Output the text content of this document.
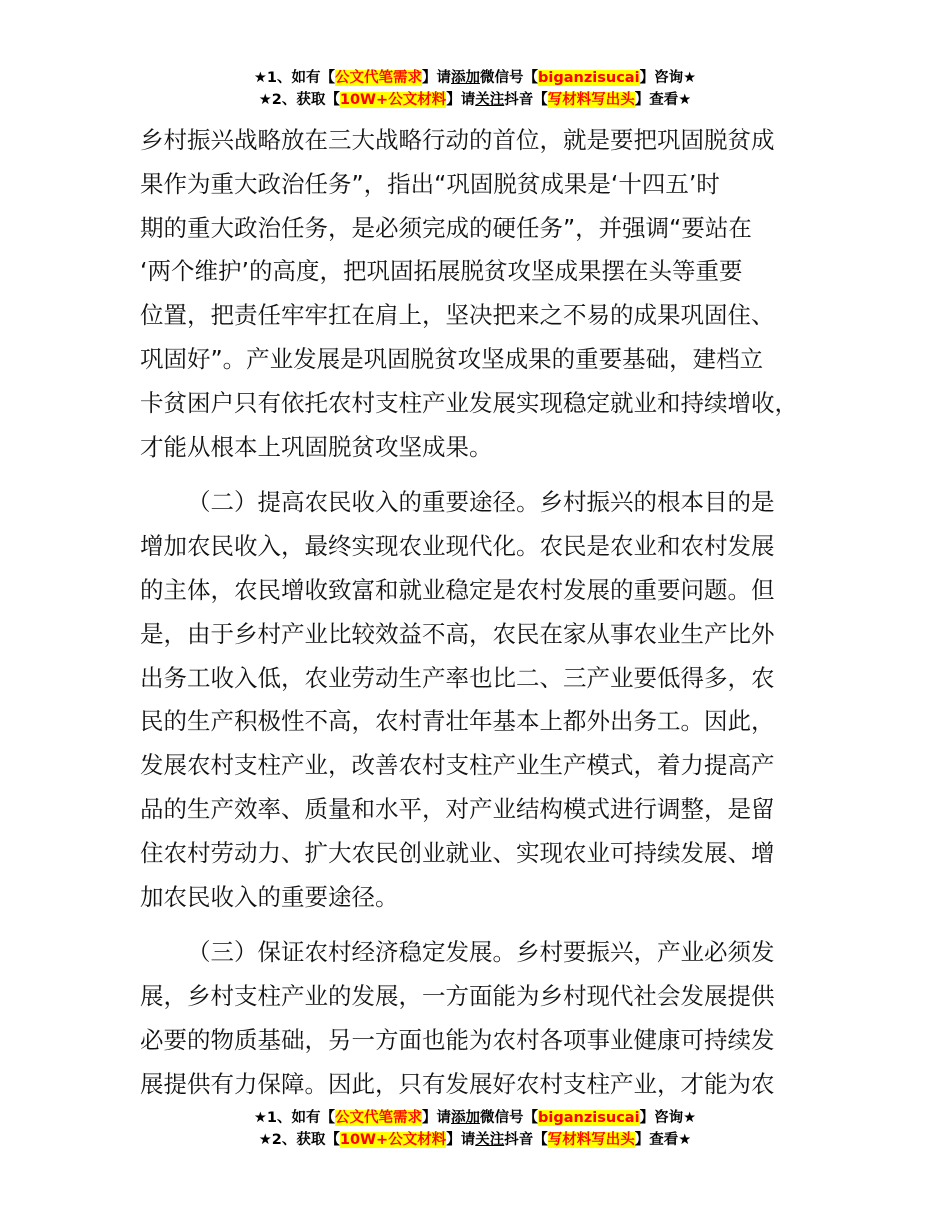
★1、如有【公文代笔需求】请添加微信号【biganzisucai】咨询★
★2、获取【10W+公文材料】请关注抖音【写材料写出头】查看★
乡村振兴战略放在三大战略行动的首位，就是要把巩固脱贫成
果作为重大政治任务”，指出“巩固脱贫成果是‘十四五’时
期的重大政治任务，是必须完成的硬任务”，并强调“要站在
‘两个维护’的高度，把巩固拓展脱贫攻坚成果摆在头等重要
位置，把责任牢牢扛在肩上，坚决把来之不易的成果巩固住、
巩固好”。产业发展是巩固脱贫攻坚成果的重要基础，建档立
卡贫困户只有依托农村支柱产业发展实现稳定就业和持续增收，
才能从根本上巩固脱贫攻坚成果。
（二）提高农民收入的重要途径。乡村振兴的根本目的是
增加农民收入，最终实现农业现代化。农民是农业和农村发展
的主体，农民增收致富和就业稳定是农村发展的重要问题。但
是，由于乡村产业比较效益不高，农民在家从事农业生产比外
出务工收入低，农业劳动生产率也比二、三产业要低得多，农
民的生产积极性不高，农村青壮年基本上都外出务工。因此，
发展农村支柱产业，改善农村支柱产业生产模式，着力提高产
品的生产效率、质量和水平，对产业结构模式进行调整，是留
住农村劳动力、扩大农民创业就业、实现农业可持续发展、增
加农民收入的重要途径。
（三）保证农村经济稳定发展。乡村要振兴，产业必须发
展，乡村支柱产业的发展，一方面能为乡村现代社会发展提供
必要的物质基础，另一方面也能为农村各项事业健康可持续发
展提供有力保障。因此，只有发展好农村支柱产业，才能为农
★1、如有【公文代笔需求】请添加微信号【biganzisucai】咨询★
★2、获取【10W+公文材料】请关注抖音【写材料写出头】查看★
